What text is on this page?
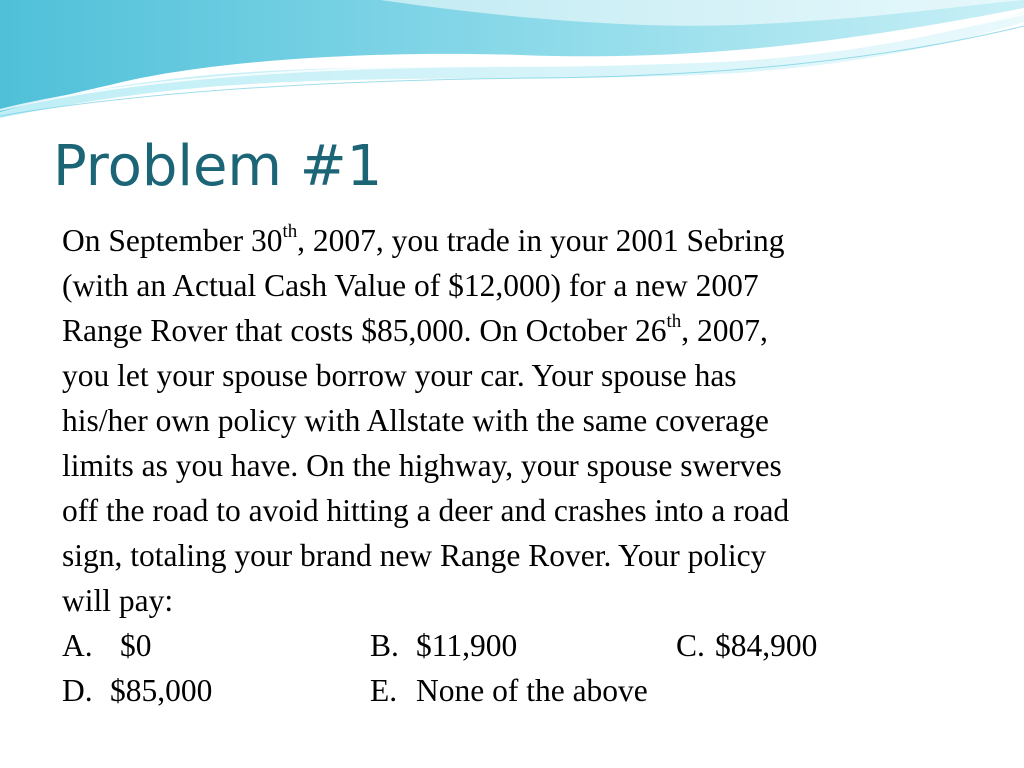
Problem #1
On September 30th, 2007, you trade in your 2001 Sebring
(with an Actual Cash Value of $12,000) for a new 2007
Range Rover that costs $85,000. On October 26th, 2007,
you let your spouse borrow your car. Your spouse has
his/her own policy with Allstate with the same coverage
limits as you have. On the highway, your spouse swerves
off the road to avoid hitting a deer and crashes into a road
sign, totaling your brand new Range Rover. Your policy
will pay:
A. $0	B. $11,900	C. $84,900
D. $85,000	E. None of the above
